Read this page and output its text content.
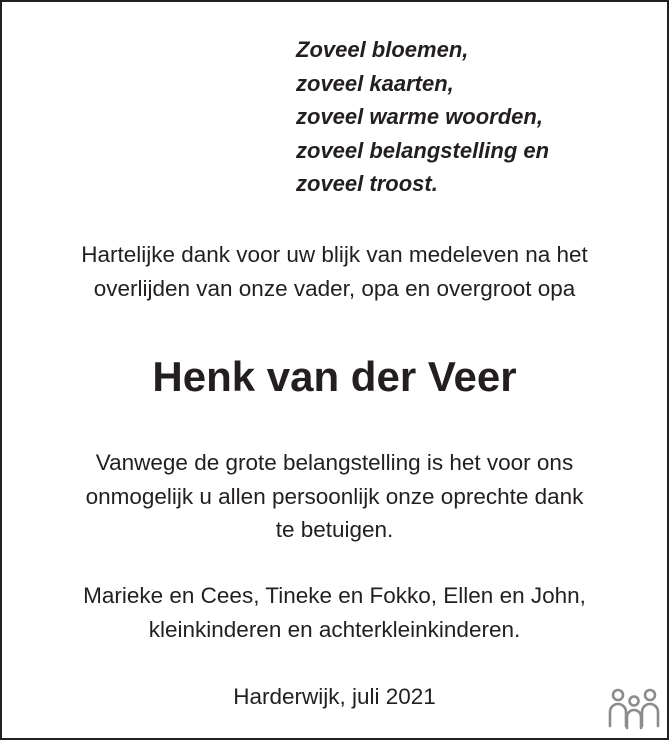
Zoveel bloemen,
zoveel kaarten,
zoveel warme woorden,
zoveel belangstelling en
zoveel troost.
Hartelijke dank voor uw blijk van medeleven na het
overlijden van onze vader, opa en overgroot opa
Henk van der Veer
Vanwege de grote belangstelling is het voor ons
onmogelijk u allen persoonlijk onze oprechte dank
te betuigen.
Marieke en Cees, Tineke en Fokko, Ellen en John,
kleinkinderen en achterkleinkinderen.
Harderwijk, juli 2021
